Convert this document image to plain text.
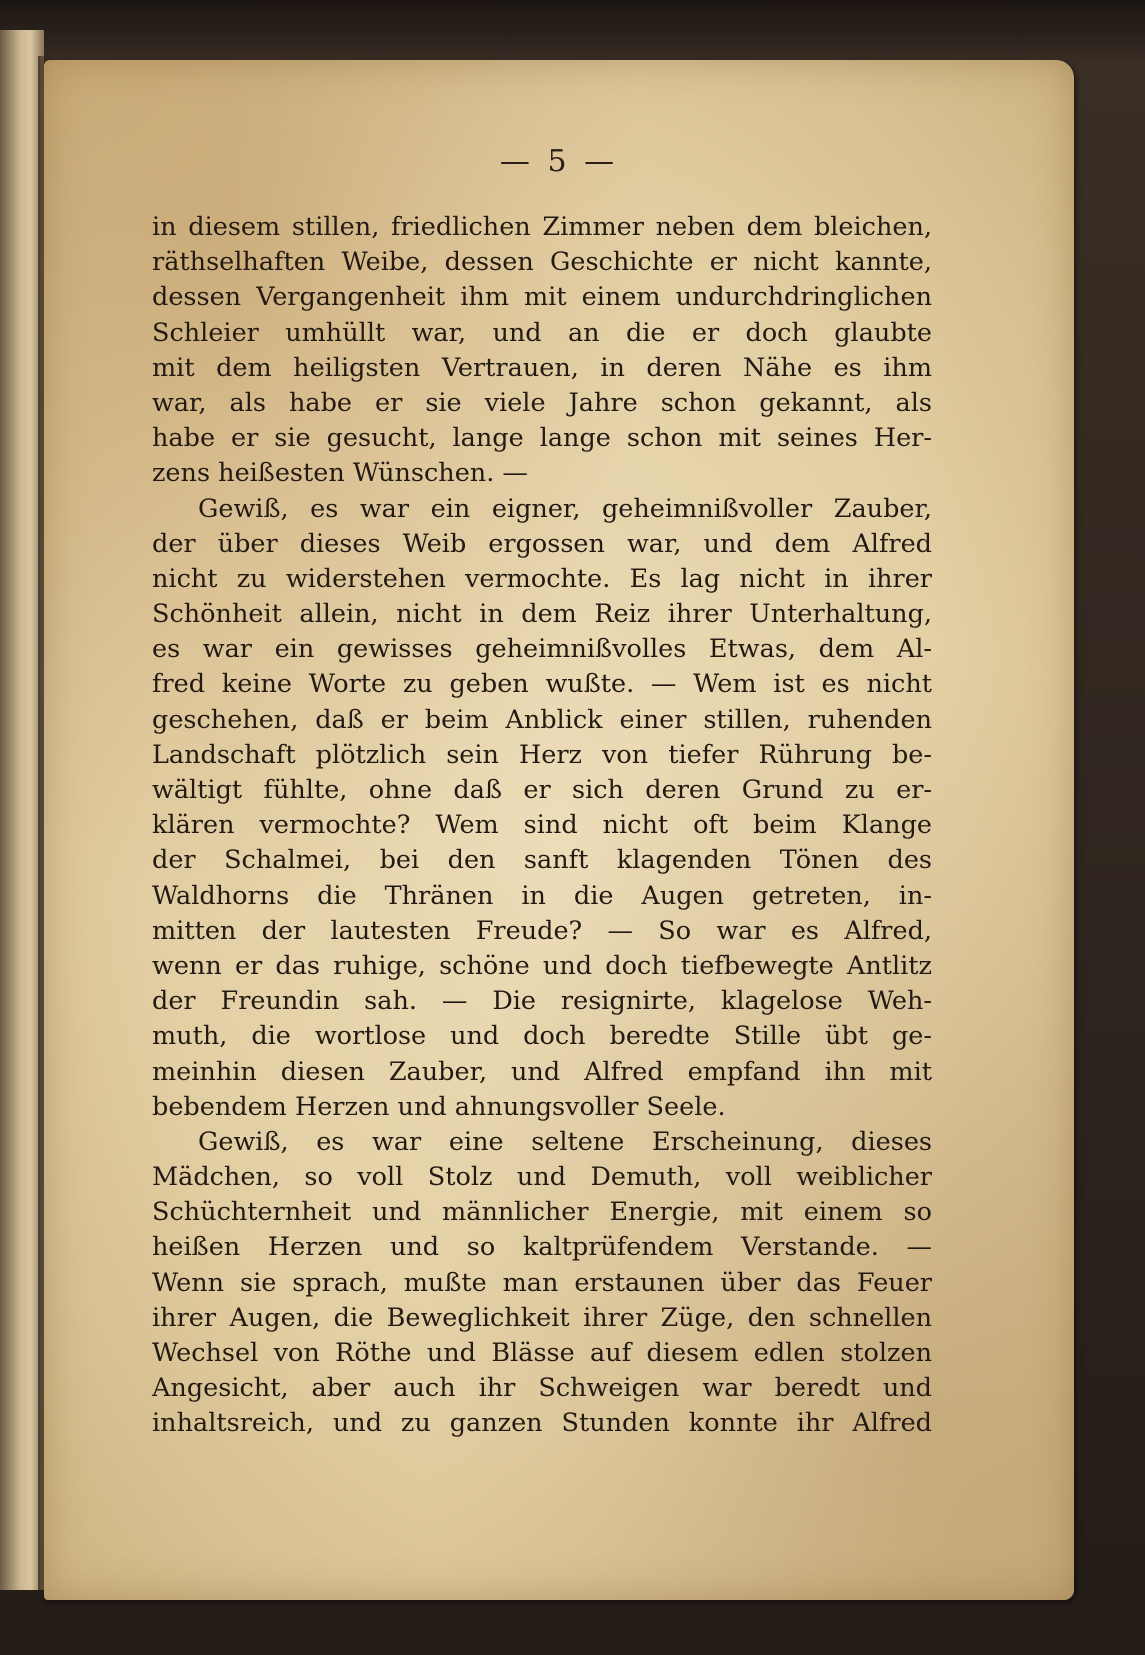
— 5 —
in diesem stillen, friedlichen Zimmer neben dem bleichen,
räthselhaften Weibe, dessen Geschichte er nicht kannte,
dessen Vergangenheit ihm mit einem undurchdringlichen
Schleier umhüllt war, und an die er doch glaubte
mit dem heiligsten Vertrauen, in deren Nähe es ihm
war, als habe er sie viele Jahre schon gekannt, als
habe er sie gesucht, lange lange schon mit seines Her-
zens heißesten Wünschen. —
Gewiß, es war ein eigner, geheimnißvoller Zauber,
der über dieses Weib ergossen war, und dem Alfred
nicht zu widerstehen vermochte. Es lag nicht in ihrer
Schönheit allein, nicht in dem Reiz ihrer Unterhaltung,
es war ein gewisses geheimnißvolles Etwas, dem Al-
fred keine Worte zu geben wußte. — Wem ist es nicht
geschehen, daß er beim Anblick einer stillen, ruhenden
Landschaft plötzlich sein Herz von tiefer Rührung be-
wältigt fühlte, ohne daß er sich deren Grund zu er-
klären vermochte? Wem sind nicht oft beim Klange
der Schalmei, bei den sanft klagenden Tönen des
Waldhorns die Thränen in die Augen getreten, in-
mitten der lautesten Freude? — So war es Alfred,
wenn er das ruhige, schöne und doch tiefbewegte Antlitz
der Freundin sah. — Die resignirte, klagelose Weh-
muth, die wortlose und doch beredte Stille übt ge-
meinhin diesen Zauber, und Alfred empfand ihn mit
bebendem Herzen und ahnungsvoller Seele.
Gewiß, es war eine seltene Erscheinung, dieses
Mädchen, so voll Stolz und Demuth, voll weiblicher
Schüchternheit und männlicher Energie, mit einem so
heißen Herzen und so kaltprüfendem Verstande. —
Wenn sie sprach, mußte man erstaunen über das Feuer
ihrer Augen, die Beweglichkeit ihrer Züge, den schnellen
Wechsel von Röthe und Blässe auf diesem edlen stolzen
Angesicht, aber auch ihr Schweigen war beredt und
inhaltsreich, und zu ganzen Stunden konnte ihr Alfred
